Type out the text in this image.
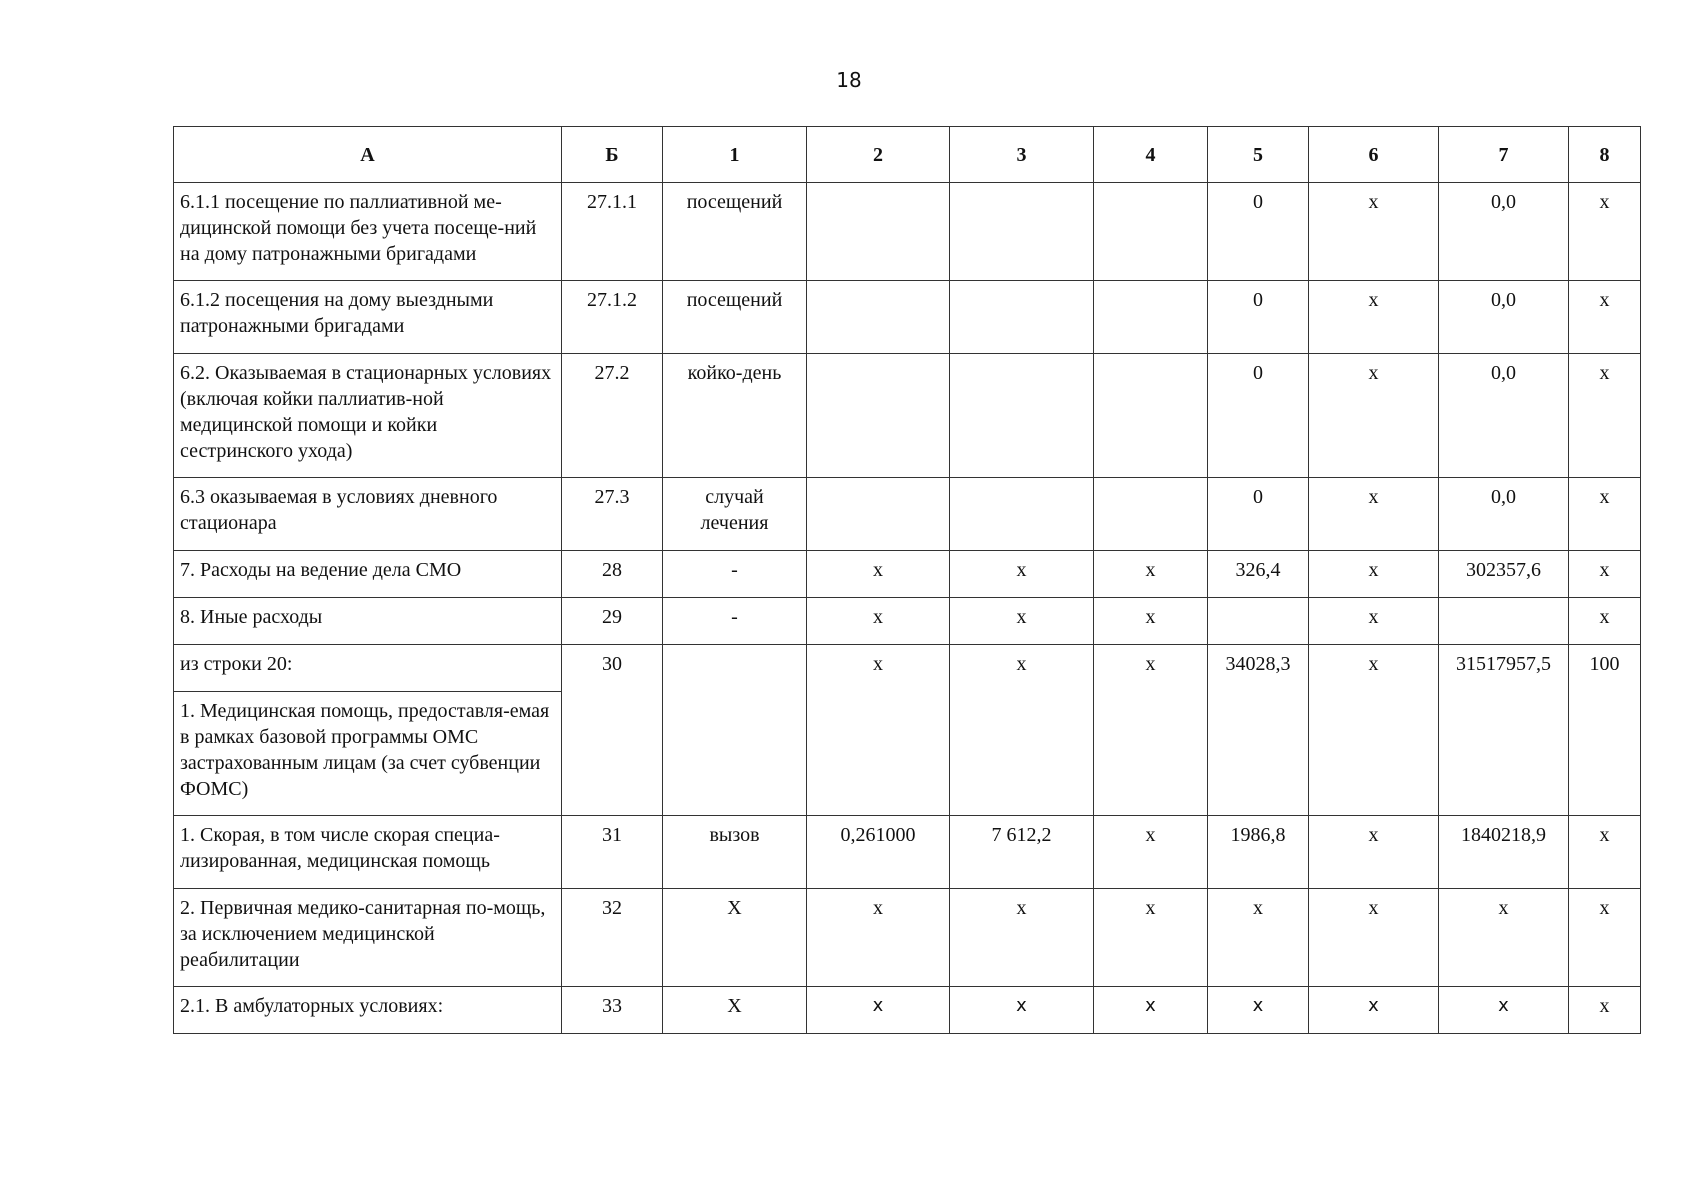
18
А	Б	1	2	3	4	5	6	7	8
6.1.1 посещение по паллиативной ме-дицинской помощи без учета посеще-ний на дому патронажными бригадами	27.1.1	посещений				0	х	0,0	х
6.1.2 посещения на дому выездными патронажными бригадами	27.1.2	посещений				0	х	0,0	х
6.2. Оказываемая в стационарных условиях (включая койки паллиатив-ной медицинской помощи и койки сестринского ухода)	27.2	койко-день				0	х	0,0	х
6.3 оказываемая в условиях дневного стационара	27.3	случай лечения				0	х	0,0	х
7. Расходы на ведение дела СМО	28	-	х	х	х	326,4	х	302357,6	х
8. Иные расходы	29	-	х	х	х		х		х
из строки 20:	30		х	х	х	34028,3	х	31517957,5	100
1. Медицинская помощь, предоставля-емая в рамках базовой программы ОМС застрахованным лицам (за счет субвенции ФОМС)									
1. Скорая, в том числе скорая специа-лизированная, медицинская помощь	31	вызов	0,261000	7 612,2	х	1986,8	х	1840218,9	х
2. Первичная медико-санитарная по-мощь, за исключением медицинской реабилитации	32	Х	х	х	х	х	х	х	х
2.1. В амбулаторных условиях:	33	Х	x	x	x	x	x	x	х
